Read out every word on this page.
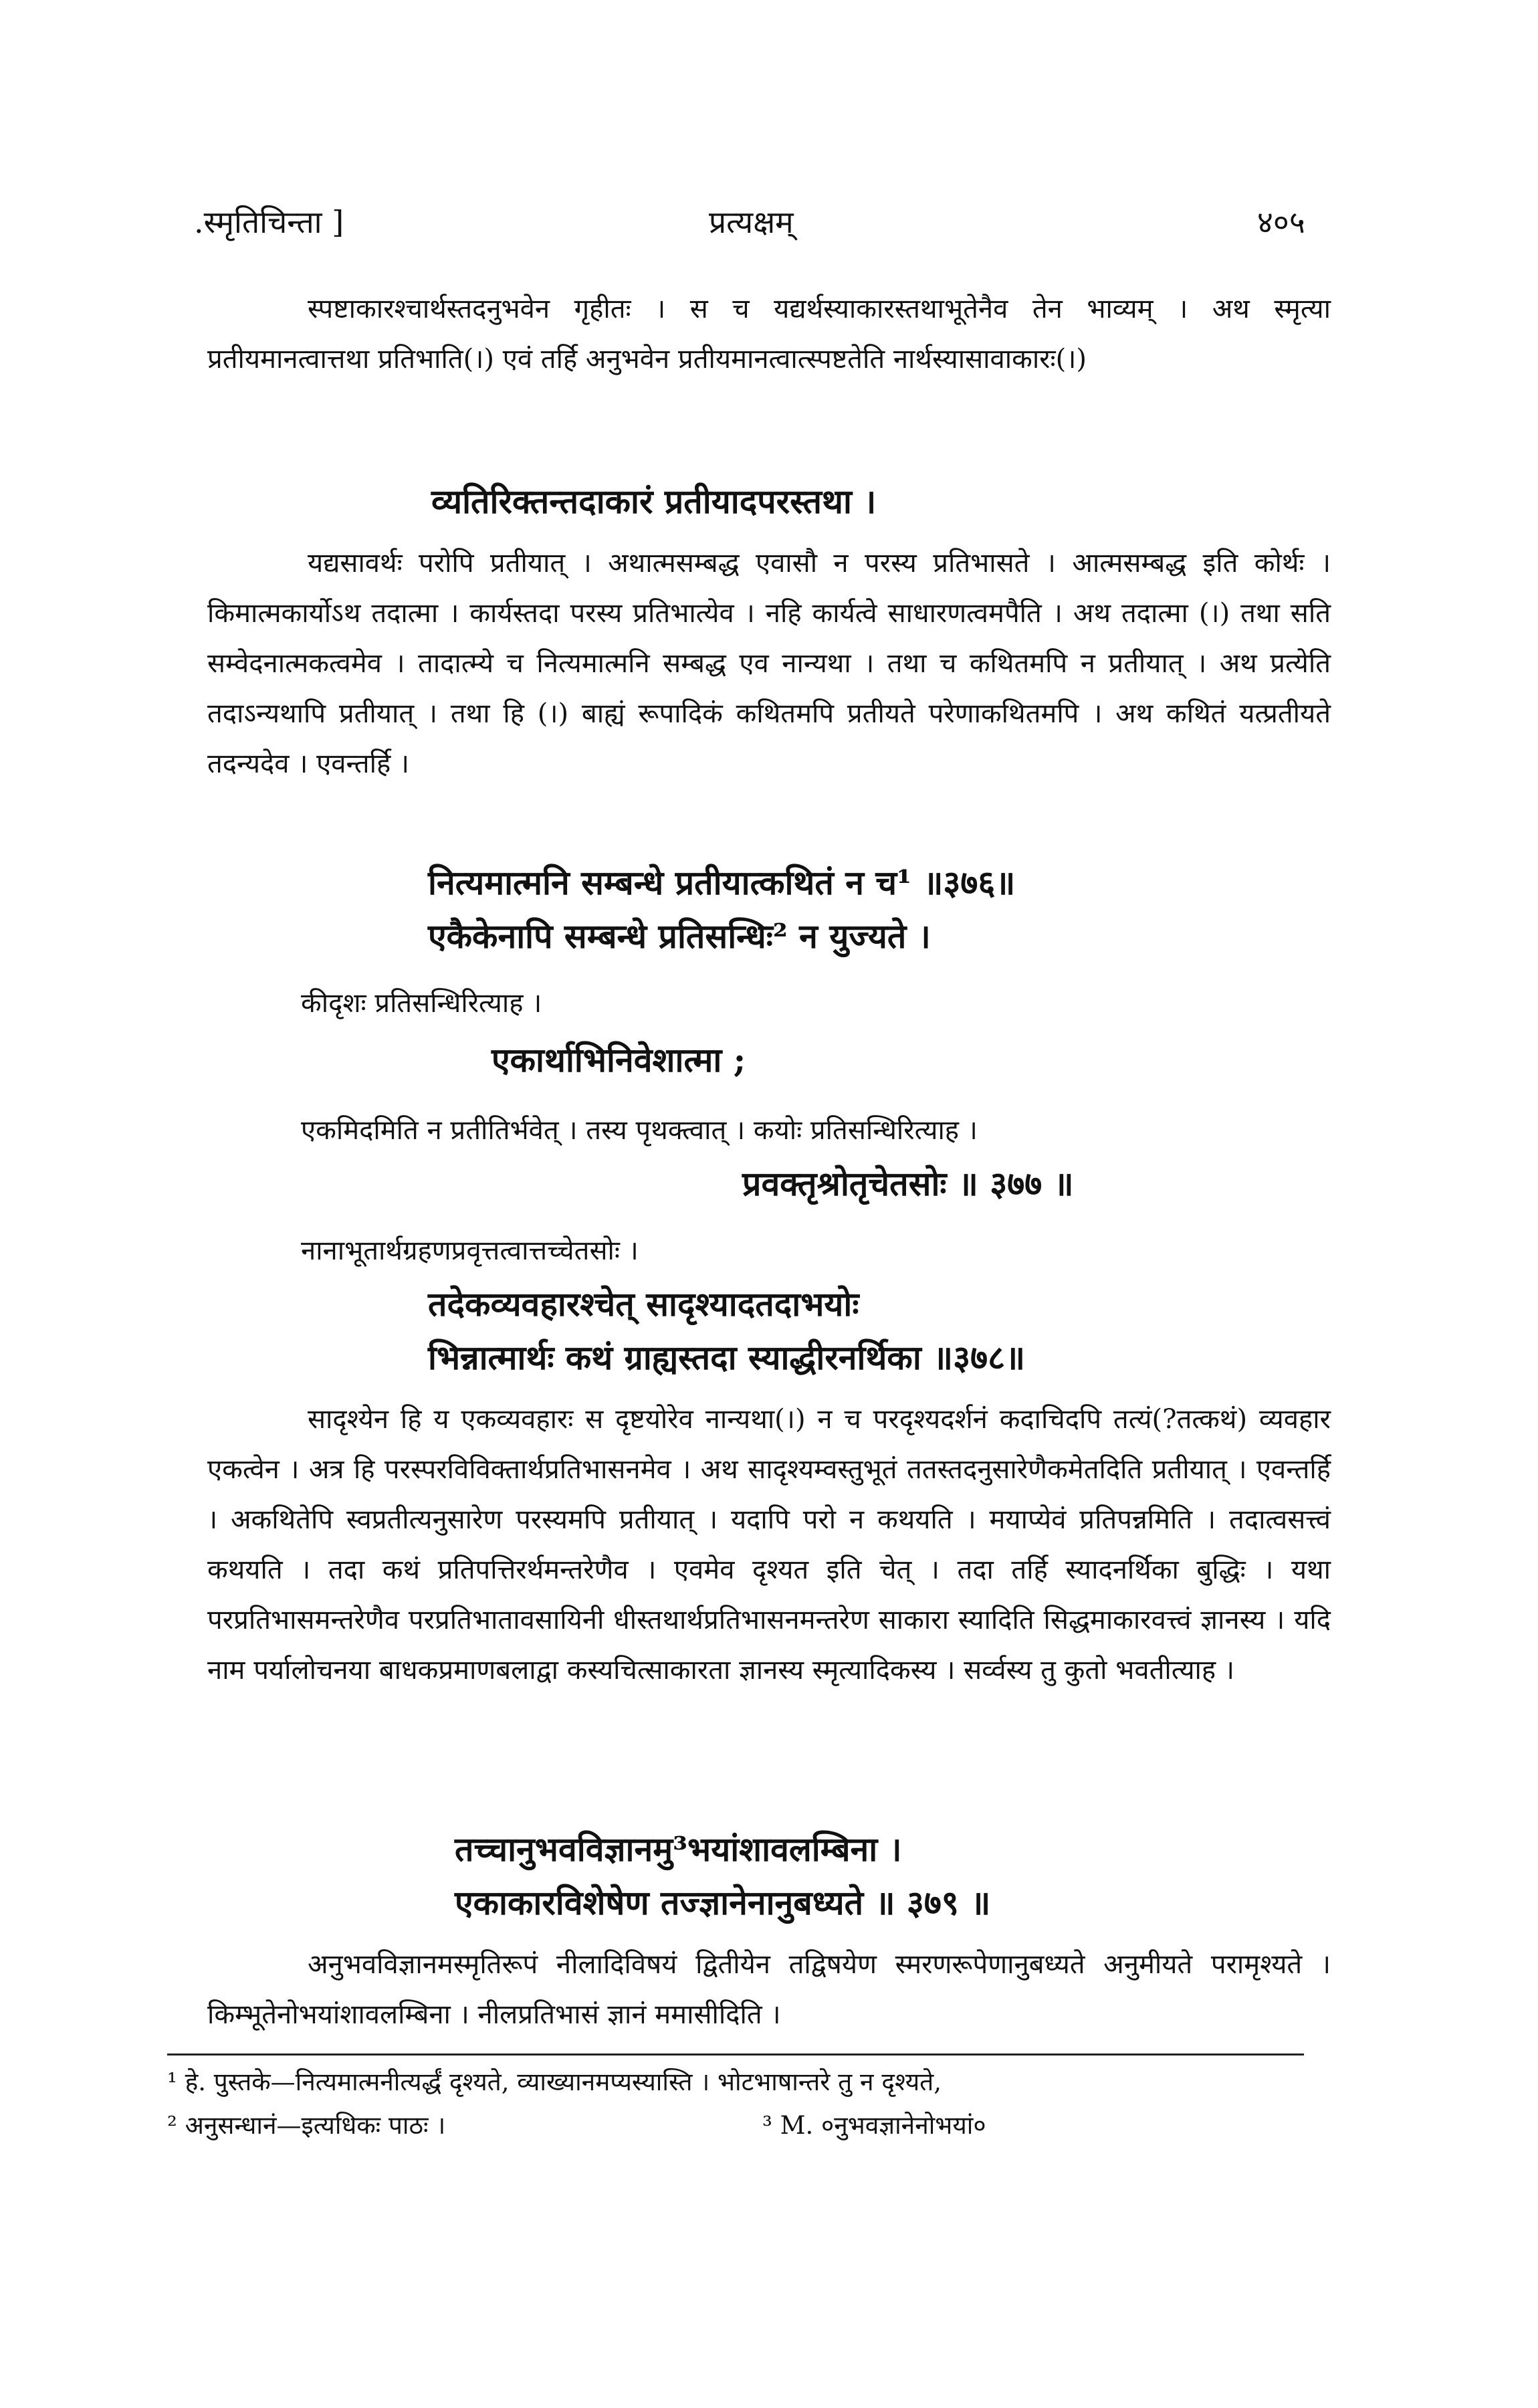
.स्मृतिचिन्ता ]	प्रत्यक्षम्	४०५

स्पष्टाकारश्चार्थस्तदनुभवेन गृहीतः । स च यद्यर्थस्याकारस्तथाभूतेनैव तेन भाव्यम् । अथ स्मृत्या प्रतीयमानत्वात्तथा प्रतिभाति(।) एवं तर्हि अनुभवेन प्रतीयमानत्वात्स्पष्टतेति नार्थस्यासावाकारः(।)

व्यतिरिक्तन्तदाकारं प्रतीयादपरस्तथा ।

यद्यसावर्थः परोपि प्रतीयात् । अथात्मसम्बद्ध एवासौ न परस्य प्रतिभासते । आत्मसम्बद्ध इति कोर्थः । किमात्मकार्योऽथ तदात्मा । कार्यस्तदा परस्य प्रतिभात्येव । नहि कार्यत्वे साधारणत्वमपैति । अथ तदात्मा (।) तथा सति सम्वेदनात्मकत्वमेव । तादात्म्ये च नित्यमात्मनि सम्बद्ध एव नान्यथा । तथा च कथितमपि न प्रतीयात् । अथ प्रत्येति तदाऽन्यथापि प्रतीयात् । तथा हि (।) बाह्यं रूपादिकं कथितमपि प्रतीयते परेणाकथितमपि । अथ कथितं यत्प्रतीयते तदन्यदेव । एवन्तर्हि ।

नित्यमात्मनि सम्बन्धे प्रतीयात्कथितं न च¹ ॥३७६॥
एकैकेनापि सम्बन्धे प्रतिसन्धिः² न युज्यते ।
कीदृशः प्रतिसन्धिरित्याह ।
एकार्थाभिनिवेशात्मा ;
एकमिदमिति न प्रतीतिर्भवेत् । तस्य पृथक्त्वात् । कयोः प्रतिसन्धिरित्याह ।
प्रवक्तृश्रोतृचेतसोः ॥ ३७७ ॥
नानाभूतार्थग्रहणप्रवृत्तत्वात्तच्चेतसोः ।
तदेकव्यवहारश्चेत् सादृश्यादतदाभयोः
भिन्नात्मार्थः कथं ग्राह्यस्तदा स्याद्धीरनर्थिका ॥३७८॥

सादृश्येन हि य एकव्यवहारः स दृष्टयोरेव नान्यथा(।) न च परदृश्यदर्शनं कदाचिदपि तत्यं(?तत्कथं) व्यवहार एकत्वेन । अत्र हि परस्परविविक्तार्थप्रतिभासनमेव । अथ सादृश्यम्वस्तुभूतं ततस्तदनुसारेणैकमेतदिति प्रतीयात् । एवन्तर्हि । अकथितेपि स्वप्रतीत्यनुसारेण परस्यमपि प्रतीयात् । यदापि परो न कथयति । मयाप्येवं प्रतिपन्नमिति । तदात्वसत्त्वं कथयति । तदा कथं प्रतिपत्तिरर्थमन्तरेणैव । एवमेव दृश्यत इति चेत् । तदा तर्हि स्यादनर्थिका बुद्धिः । यथा परप्रतिभासमन्तरेणैव परप्रतिभातावसायिनी धीस्तथार्थप्रतिभासनमन्तरेण साकारा स्यादिति सिद्धमाकारवत्त्वं ज्ञानस्य । यदि नाम पर्यालोचनया बाधकप्रमाणबलाद्वा कस्यचित्साकारता ज्ञानस्य स्मृत्यादिकस्य । सर्व्वस्य तु कुतो भवतीत्याह ।

तच्चानुभवविज्ञानमु³भयांशावलम्बिना ।
एकाकारविशेषेण तज्ज्ञानेनानुबध्यते ॥ ३७९ ॥

अनुभवविज्ञानमस्मृतिरूपं नीलादिविषयं द्वितीयेन तद्विषयेण स्मरणरूपेणानुबध्यते अनुमीयते परामृश्यते । किम्भूतेनोभयांशावलम्बिना । नीलप्रतिभासं ज्ञानं ममासीदिति ।

¹ हे. पुस्तके—नित्यमात्मनीत्यर्द्धं दृश्यते, व्याख्यानमप्यस्यास्ति । भोटभाषान्तरे तु न दृश्यते,
² अनुसन्धानं—इत्यधिकः पाठः ।	³ M. ०नुभवज्ञानेनोभयां०
